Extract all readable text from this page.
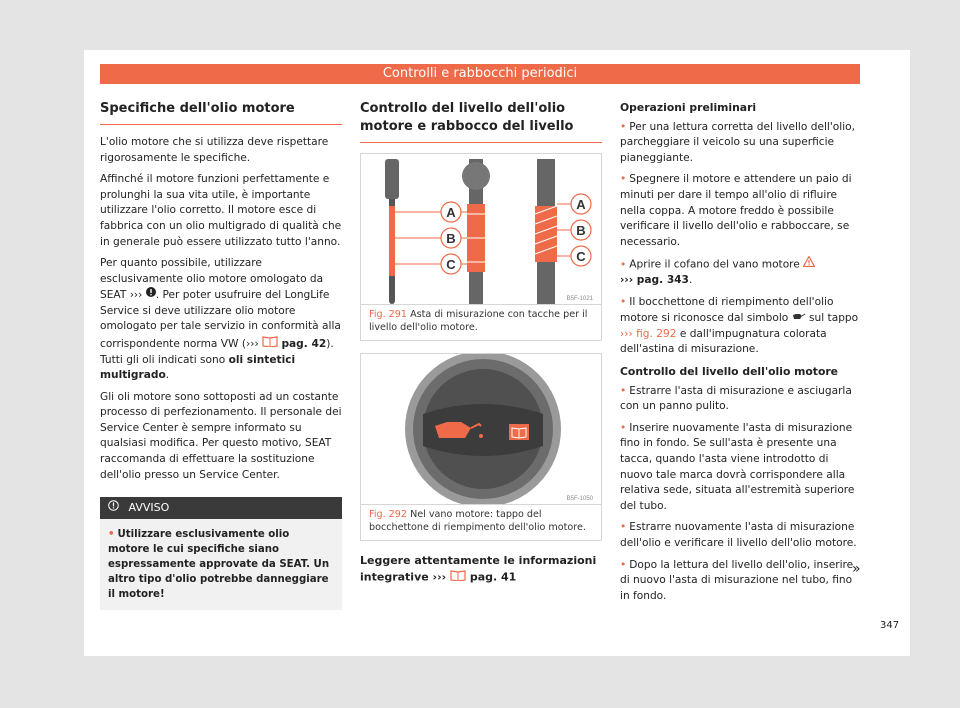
Controlli e rabbocchi periodici
Specifiche dell'olio motore

L'olio motore che si utilizza deve rispettare rigorosamente le specifiche.

Affinché il motore funzioni perfettamente e prolunghi la sua vita utile, è importante utilizzare l'olio corretto. Il motore esce di fabbrica con un olio multigrado di qualità che in generale può essere utilizzato tutto l'anno.

Per quanto possibile, utilizzare esclusivamente olio motore omologato da SEAT ››› . Per poter usufruire del LongLife Service si deve utilizzare olio motore omologato per tale servizio in conformità alla corrispondente norma VW (››› pag. 42). Tutti gli oli indicati sono oli sintetici multigrado.

Gli oli motore sono sottoposti ad un costante processo di perfezionamento. Il personale dei Service Center è sempre informato su qualsiasi modifica. Per questo motivo, SEAT raccomanda di effettuare la sostituzione dell'olio presso un Service Center.

AVVISO
• Utilizzare esclusivamente olio motore le cui specifiche siano espressamente approvate da SEAT. Un altro tipo d'olio potrebbe danneggiare il motore!
Controllo del livello dell'olio motore e rabbocco del livello
A
B
C
A
B
C
B5F-1021
Fig. 291 Asta di misurazione con tacche per il livello dell'olio motore.
B5F-1050
Fig. 292 Nel vano motore: tappo del bocchettone di riempimento dell'olio motore.
Leggere attentamente le informazioni integrative ››› pag. 41
Operazioni preliminari

• Per una lettura corretta del livello dell'olio, parcheggiare il veicolo su una superficie pianeggiante.

• Spegnere il motore e attendere un paio di minuti per dare il tempo all'olio di rifluire nella coppa. A motore freddo è possibile verificare il livello dell'olio e rabboccare, se necessario.

• Aprire il cofano del vano motore
››› pag. 343.

• Il bocchettone di riempimento dell'olio motore si riconosce dal simbolo sul tappo
››› fig. 292 e dall'impugnatura colorata dell'astina di misurazione.

Controllo del livello dell'olio motore

• Estrarre l'asta di misurazione e asciugarla con un panno pulito.

• Inserire nuovamente l'asta di misurazione fino in fondo. Se sull'asta è presente una tacca, quando l'asta viene introdotto di nuovo tale marca dovrà corrispondere alla relativa sede, situata all'estremità superiore del tubo.

• Estrarre nuovamente l'asta di misurazione dell'olio e verificare il livello dell'olio motore.

• Dopo la lettura del livello dell'olio, inserire di nuovo l'asta di misurazione nel tubo, fino in fondo.

»
347
